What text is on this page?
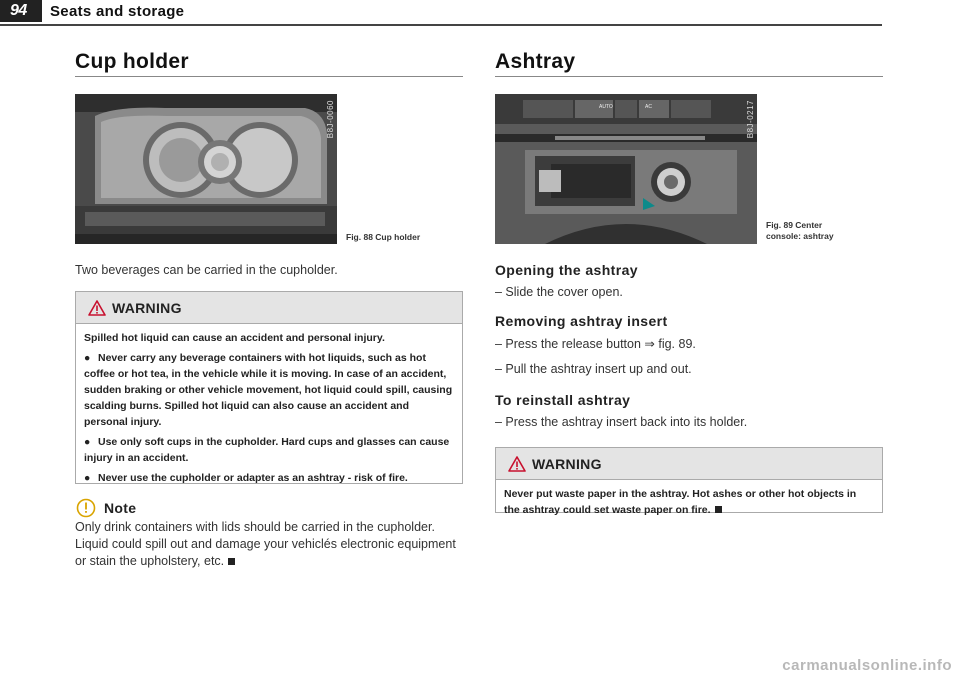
94 Seats and storage
Cup holder
B8J-0060
Fig. 88 Cup holder
Two beverages can be carried in the cupholder.
WARNING

Spilled hot liquid can cause an accident and personal injury.

● Never carry any beverage containers with hot liquids, such as hot coffee or hot tea, in the vehicle while it is moving. In case of an accident, sudden braking or other vehicle movement, hot liquid could spill, causing scalding burns. Spilled hot liquid can also cause an accident and personal injury.

● Use only soft cups in the cupholder. Hard cups and glasses can cause injury in an accident.

● Never use the cupholder or adapter as an ashtray - risk of fire.

Note
Only drink containers with lids should be carried in the cupholder. Liquid could spill out and damage your vehiclés electronic equipment or stain the upholstery, etc.
Ashtray
AUTO	AC	B8J-0217
Fig. 89 Center
console: ashtray
Opening the ashtray
– Slide the cover open.
Removing ashtray insert
– Press the release button ⇒ fig. 89.
– Pull the ashtray insert up and out.
To reinstall ashtray
– Press the ashtray insert back into its holder.
WARNING
Never put waste paper in the ashtray. Hot ashes or other hot objects in the ashtray could set waste paper on fire.
carmanualsonline.info
